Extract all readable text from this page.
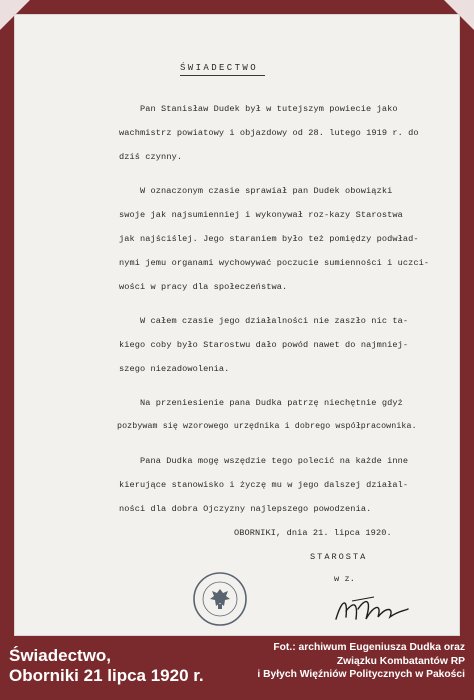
ŚWIADECTWO
Pan Stanisław Dudek był w tutejszym powiecie jako
wachmistrz powiatowy i objazdowy od 28. lutego 1919 r. do
dziś czynny.
W oznaczonym czasie sprawiał pan Dudek obowiązki
swoje jak najsumienniej i wykonywał roz-kazy Starostwa
jak najściślej. Jego staraniem było też pomiędzy podwład-
nymi jemu organami wychowywać poczucie sumienności i uczci-
wości w pracy dla społeczeństwa.
W całem czasie jego działalności nie zaszło nic ta-
kiego coby było Starostwu dało powód nawet do najmniej-
szego niezadowolenia.
Na przeniesienie pana Dudka patrzę niechętnie gdyż
pozbywam się wzorowego urzędnika i dobrego współpracownika.
Pana Dudka mogę wszędzie tego polecić na każde inne
kierujące stanowisko i życzę mu w jego dalszej działal-
ności dla dobra Ojczyzny najlepszego powodzenia.
OBORNIKI, dnia 21. lipca 1920.
STAROSTA
w z.
Świadectwo,
Oborniki 21 lipca 1920 r.
Fot.: archiwum Eugeniusza Dudka oraz
Związku Kombatantów RP
i Byłych Więźniów Politycznych w Pakości
